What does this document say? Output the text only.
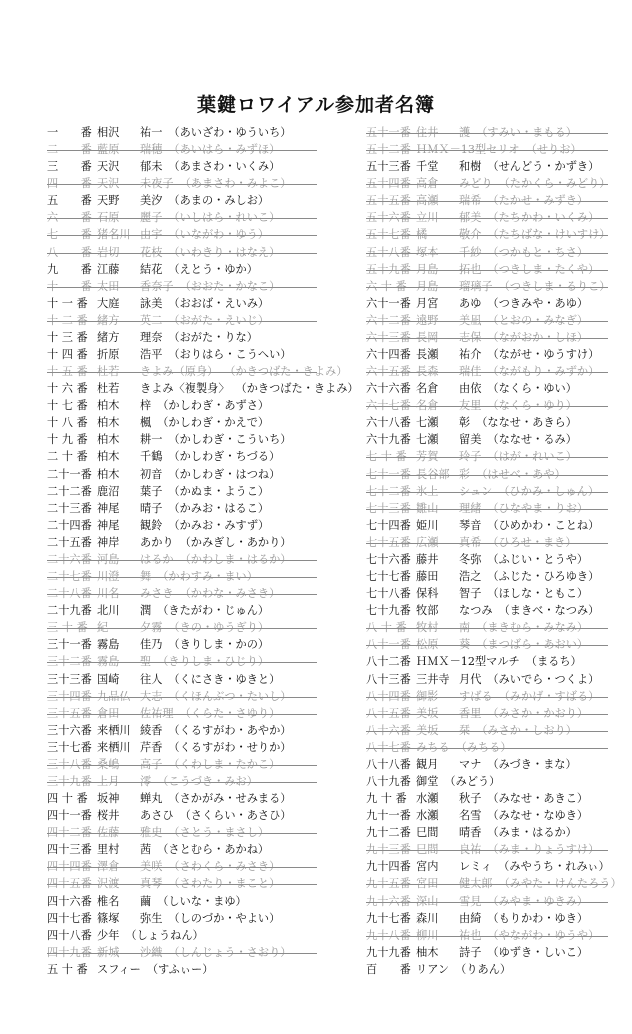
葉鍵ロワイアル参加者名簿
一　　番 相沢 祐一 （あいざわ・ゆういち）
二　　番 藍原 瑞穂 （あいはら・みずほ）
三　　番 天沢 郁未 （あまさわ・いくみ）
四　　番 天沢 未夜子 （あまさわ・みよこ）
五　　番 天野 美汐 （あまの・みしお）
六　　番 石原 麗子 （いしはら・れいこ）
七　　番 猪名川 由宇 （いながわ・ゆう）
八　　番 岩切 花枝 （いわきり・はなえ）
九　　番 江藤 結花 （えとう・ゆか）
十　　番 太田 香奈子 （おおた・かなこ）
十 一 番 大庭 詠美 （おおば・えいみ）
十 二 番 緒方 英二 （おがた・えいじ）
十 三 番 緒方 理奈 （おがた・りな）
十 四 番 折原 浩平 （おりはら・こうへい）
十 五 番 杜若 きよみ（原身） （かきつばた・きよみ）
十 六 番 杜若 きよみ〈複製身〉 （かきつばた・きよみ）
十 七 番 柏木 梓 （かしわぎ・あずさ）
十 八 番 柏木 楓 （かしわぎ・かえで）
十 九 番 柏木 耕一 （かしわぎ・こういち）
二 十 番 柏木 千鶴 （かしわぎ・ちづる）
二十一番 柏木 初音 （かしわぎ・はつね）
二十二番 鹿沼 葉子 （かぬま・ようこ）
二十三番 神尾 晴子 （かみお・はるこ）
二十四番 神尾 観鈴 （かみお・みすず）
二十五番 神岸 あかり （かみぎし・あかり）
二十六番 河島 はるか （かわしま・はるか）
二十七番 川澄 舞 （かわすみ・まい）
二十八番 川名 みさき （かわな・みさき）
二十九番 北川 潤 （きたがわ・じゅん）
三 十 番 紀	夕霧 （きの・ゆうぎり）
三十一番 霧島 佳乃 （きりしま・かの）
三十二番 霧島 聖 （きりしま・ひじり）
三十三番 国崎 往人 （くにさき・ゆきと）
三十四番 九品仏 大志 （くほんぶつ・たいし）
三十五番 倉田 佐祐理 （くらた・さゆり）
三十六番 来栖川 綾香 （くるすがわ・あやか）
三十七番 来栖川 芹香 （くるすがわ・せりか）
三十八番 桑嶋 高子 （くわしま・たかこ）
三十九番 上月 澪 （こうづき・みお）
四 十 番 坂神 蝉丸 （さかがみ・せみまる）
四十一番 桜井 あさひ （さくらい・あさひ）
四十二番 佐藤 雅史 （さとう・まさし）
四十三番 里村 茜 （さとむら・あかね）
四十四番 澤倉 美咲 （さわくら・みさき）
四十五番 沢渡 真琴 （さわたり・まこと）
四十六番 椎名 繭 （しいな・まゆ）
四十七番 篠塚 弥生 （しのづか・やよい）
四十八番 少年 （しょうねん）
四十九番 新城 沙織 （しんじょう・さおり）
五 十 番 スフィー （すふぃー）
五十一番 住井 護 （すみい・まもる）
五十二番 ＨＭＸ－13型セリオ （せりお）
五十三番 千堂 和樹 （せんどう・かずき）
五十四番 高倉 みどり （たかくら・みどり）
五十五番 高瀬 瑞希 （たかせ・みずき）
五十六番 立川 郁美 （たちかわ・いくみ）
五十七番 橘	敬介 （たちばな・けいすけ）
五十八番 塚本 千紗 （つかもと・ちさ）
五十九番 月島 拓也 （つきしま・たくや）
六 十 番 月島 瑠璃子 （つきしま・るりこ）
六十一番 月宮 あゆ （つきみや・あゆ）
六十二番 遠野 美凪 （とおの・みなぎ）
六十三番 長岡 志保 （ながおか・しほ）
六十四番 長瀬 祐介 （ながせ・ゆうすけ）
六十五番 長森 瑞佳 （ながもり・みずか）
六十六番 名倉 由依 （なくら・ゆい）
六十七番 名倉 友里 （なくら・ゆり）
六十八番 七瀬 彰 （ななせ・あきら）
六十九番 七瀬 留美 （ななせ・るみ）
七 十 番 芳賀 玲子 （はが・れいこ）
七十一番 長谷部 彩 （はせべ・あや）
七十二番 氷上 シュン （ひかみ・しゅん）
七十三番 雛山 理緒 （ひなやま・りお）
七十四番 姫川 琴音 （ひめかわ・ことね）
七十五番 広瀬 真希 （ひろせ・まき）
七十六番 藤井 冬弥 （ふじい・とうや）
七十七番 藤田 浩之 （ふじた・ひろゆき）
七十八番 保科 智子 （ほしな・ともこ）
七十九番 牧部 なつみ （まきべ・なつみ）
八 十 番 牧村 南 （まきむら・みなみ）
八十一番 松原 葵 （まつばら・あおい）
八十二番 ＨＭＸ－12型マルチ （まるち）
八十三番 三井寺 月代 （みいでら・つくよ）
八十四番 御影 すばる （みかげ・すばる）
八十五番 美坂 香里 （みさか・かおり）
八十六番 美坂 栞 （みさか・しおり）
八十七番 みちる （みちる）
八十八番 観月 マナ （みづき・まな）
八十九番 御堂 （みどう）
九 十 番 水瀬 秋子 （みなせ・あきこ）
九十一番 水瀬 名雪 （みなせ・なゆき）
九十二番 巳間 晴香 （みま・はるか）
九十三番 巳間 良祐 （みま・りょうすけ）
九十四番 宮内 レミィ （みやうち・れみぃ）
九十五番 宮田 健太郎 （みやた・けんたろう）
九十六番 深山 雪見 （みやま・ゆきみ）
九十七番 森川 由綺 （もりかわ・ゆき）
九十八番 柳川 祐也 （やながわ・ゆうや）
九十九番 柚木 詩子 （ゆずき・しいこ）
百　　番 リアン （りあん）
